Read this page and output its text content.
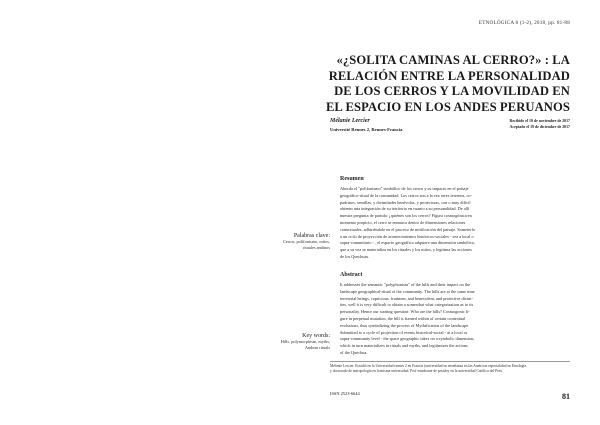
ETNOLÓGICA 8 (1-2), 2018, pp. 81-88
«¿SOLITA CAMINAS AL CERRO?» : LA
RELACIÓN ENTRE LA PERSONALIDAD
DE LOS CERROS Y LA MOVILIDAD EN
EL ESPACIO EN LOS ANDES PERUANOS
Mélanie Lercier
Université Rennes 2, Rennes-Francia
Recibido el 10 de noviembre de 2017
Aceptado el 19 de diciembre de 2017
Resumen
Aborda el "polifonismo" simbólico de los cerros y su impacto en el paisaje
geográfico-ritual de la comunidad. Los cerros son a la vez seres terrenos, co-
padrinos, semillas, y divinidades benévolas, y protectoras, con o muy difícil
obtener una integración de su territorio en cuanto a su personalidad. De allí
nuestra pregunta de partida: ¿quiénes son los cerros? Figura cosmogónica en
momento propicio, el cerro se enmarca dentro de dimensiones relaciones
contextuales, adhiriéndole en el proceso de mitificación del paisaje. Someterlo
a un ciclo de proyección de acontecimientos históricos-sociales - sea a local o
supra-comunitario - , el espacio geográfico adquiere una dimensión simbólica,
que a su vez se materializa en los rituales y los mitos, y legitima las acciones
de los Quechuas.
Palabras clave:
Cerros, polifonismo, mitos,
rituales andinos
Abstract
It addresses the semantic "polyphonism" of the hills and their impact on the
landscape geographical-ritual of the community. The hills are at the same time
terrestrial beings, capricious, fruitmen, and benevolent, and protective divini-
ties, well it is very difficult to obtain a somewhat what categorization as to its
personality. Hence our starting question: Who are the hills? Cosmogonic fi-
gure in perpetual mutation, the hill is framed within of certain contextual
evolutions, thus symbolizing the process of Mythification of the landscape.
Submitted to a cycle of projection of events historical-social - at a local or
supra-community level - the space geographic takes on a symbolic dimension,
which in turn materializes in rituals and myths, and legitimizes the actions
of the Quechua.
Key words:
Hills, polymorphism, myths,
Andean rituals
Mélanie Lercier. Estudió en la Universidad rennes 2 en Francia (universidad en enseñanza en las Américas especialidad en Etnología,
y doctorado de antropología en la misma universidad. Prof estudiante de postdoy en la universidad Católica del Perú.
ISSN 2523-6644	81
